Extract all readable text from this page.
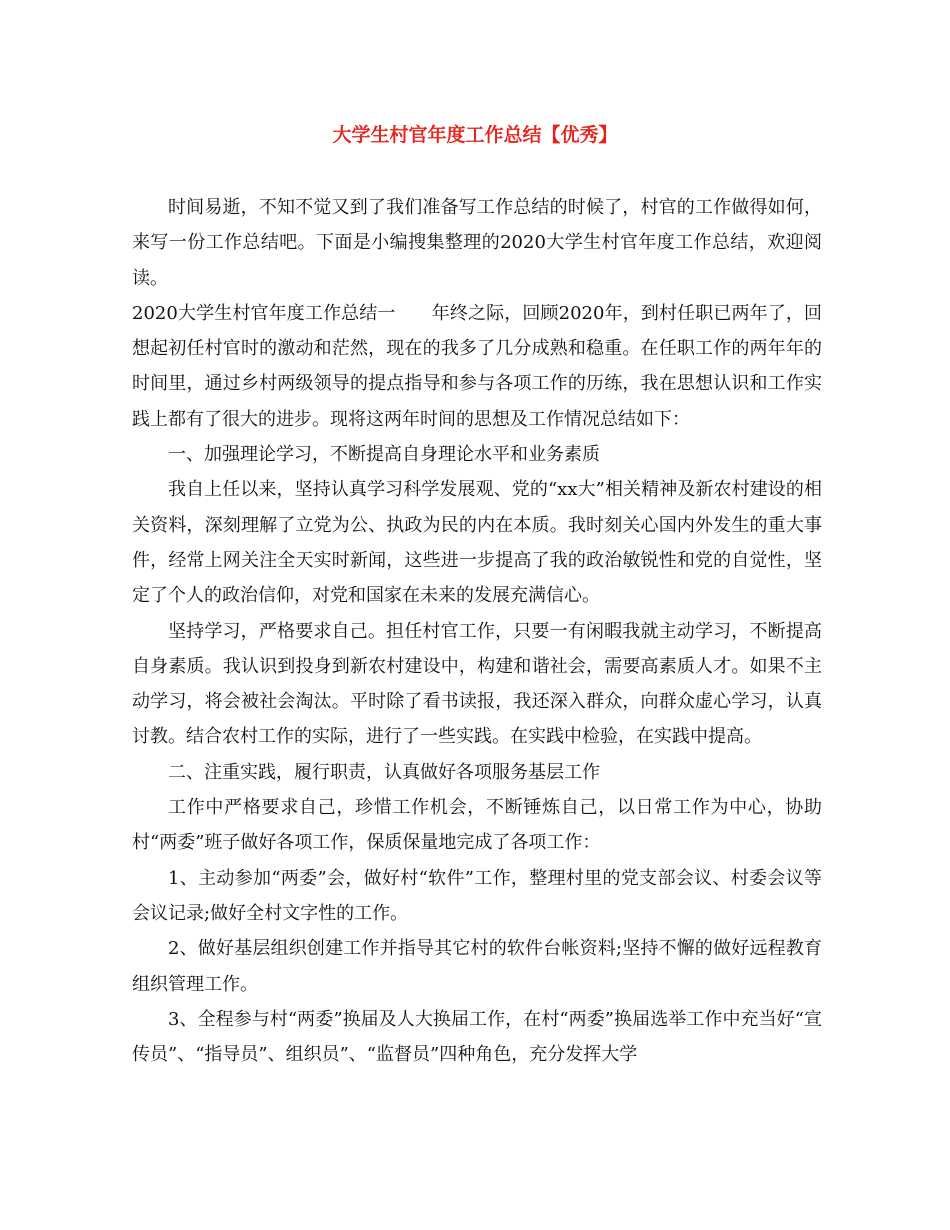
大学生村官年度工作总结【优秀】

时间易逝，不知不觉又到了我们准备写工作总结的时候了，村官的工作做得如何，来写一份工作总结吧。下面是小编搜集整理的2020大学生村官年度工作总结，欢迎阅读。

2020大学生村官年度工作总结一　　年终之际，回顾2020年，到村任职已两年了，回想起初任村官时的激动和茫然，现在的我多了几分成熟和稳重。在任职工作的两年年的时间里，通过乡村两级领导的提点指导和参与各项工作的历练，我在思想认识和工作实践上都有了很大的进步。现将这两年时间的思想及工作情况总结如下：

一、加强理论学习，不断提高自身理论水平和业务素质

我自上任以来，坚持认真学习科学发展观、党的“xx大”相关精神及新农村建设的相关资料，深刻理解了立党为公、执政为民的内在本质。我时刻关心国内外发生的重大事件，经常上网关注全天实时新闻，这些进一步提高了我的政治敏锐性和党的自觉性，坚定了个人的政治信仰，对党和国家在未来的发展充满信心。

坚持学习，严格要求自己。担任村官工作，只要一有闲暇我就主动学习，不断提高自身素质。我认识到投身到新农村建设中，构建和谐社会，需要高素质人才。如果不主动学习，将会被社会淘汰。平时除了看书读报，我还深入群众，向群众虚心学习，认真讨教。结合农村工作的实际，进行了一些实践。在实践中检验，在实践中提高。

二、注重实践，履行职责，认真做好各项服务基层工作

工作中严格要求自己，珍惜工作机会，不断锤炼自己，以日常工作为中心，协助村“两委”班子做好各项工作，保质保量地完成了各项工作：

1、主动参加“两委”会，做好村“软件”工作，整理村里的党支部会议、村委会议等会议记录;做好全村文字性的工作。

2、做好基层组织创建工作并指导其它村的软件台帐资料;坚持不懈的做好远程教育组织管理工作。

3、全程参与村“两委”换届及人大换届工作，在村“两委”换届选举工作中充当好“宣传员”、“指导员”、组织员”、“监督员”四种角色，充分发挥大学
